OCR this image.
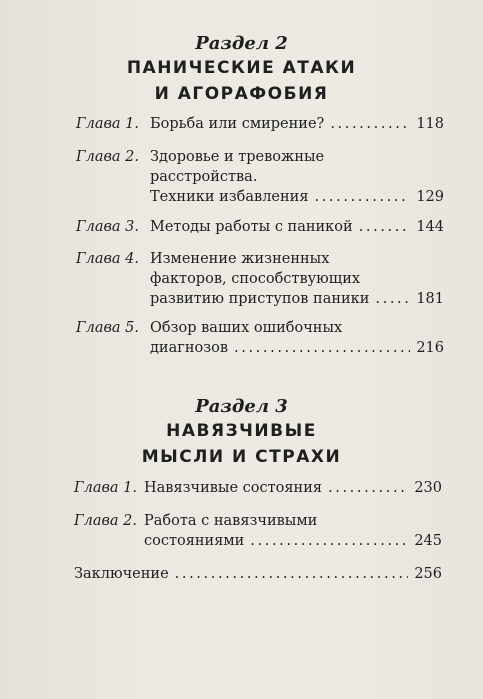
Раздел 2
ПАНИЧЕСКИЕ АТАКИ
И АГОРАФОБИЯ
Глава 1. Борьба или смирение? . . .	118
Глава 2. Здоровье и тревожные
расстройства.
Техники избавления . . .	129
Глава 3. Методы работы с паникой . . .	144
Глава 4. Изменение жизненных
факторов, способствующих
развитию приступов паники . . .	181
Глава 5. Обзор ваших ошибочных
диагнозов . . .	216
Раздел 3
НАВЯЗЧИВЫЕ
МЫСЛИ И СТРАХИ
Глава 1. Навязчивые состояния . . .	230
Глава 2. Работа с навязчивыми
состояниями . . .	245
Заключение . . .	256
